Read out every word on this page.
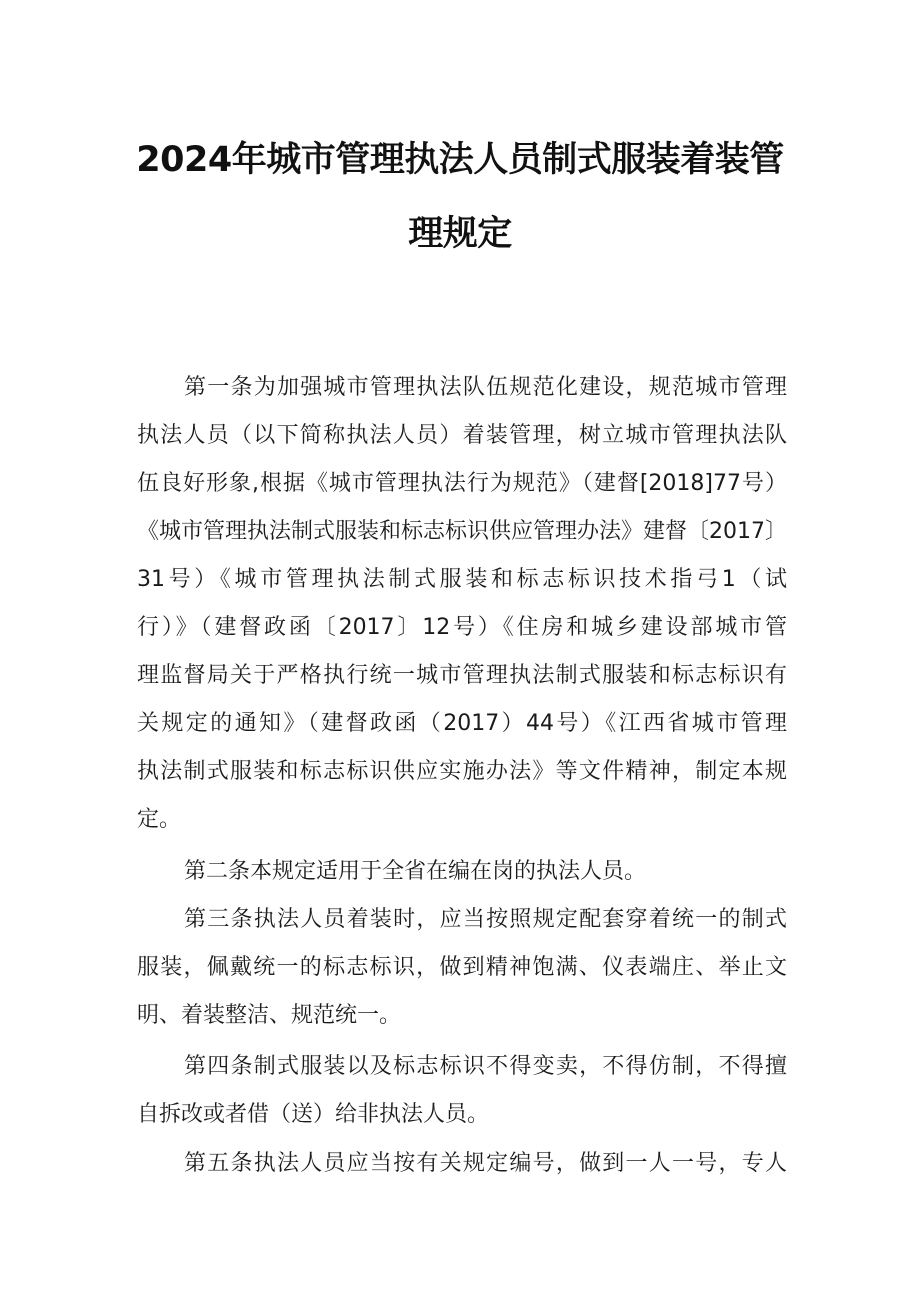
2024年城市管理执法人员制式服装着装管
理规定
第一条为加强城市管理执法队伍规范化建设，规范城市管理
执法人员（以下简称执法人员）着装管理，树立城市管理执法队
伍良好形象,根据《城市管理执法行为规范》（建督[2018]77号）
《城市管理执法制式服装和标志标识供应管理办法》建督〔2017〕
31号）《城市管理执法制式服装和标志标识技术指弓1（试
行）》（建督政函〔2017〕12号）《住房和城乡建设部城市管
理监督局关于严格执行统一城市管理执法制式服装和标志标识有
关规定的通知》（建督政函（2017）44号）《江西省城市管理
执法制式服装和标志标识供应实施办法》等文件精神，制定本规
定。
第二条本规定适用于全省在编在岗的执法人员。
第三条执法人员着装时，应当按照规定配套穿着统一的制式
服装，佩戴统一的标志标识，做到精神饱满、仪表端庄、举止文
明、着装整洁、规范统一。
第四条制式服装以及标志标识不得变卖，不得仿制，不得擅
自拆改或者借（送）给非执法人员。
第五条执法人员应当按有关规定编号，做到一人一号，专人
